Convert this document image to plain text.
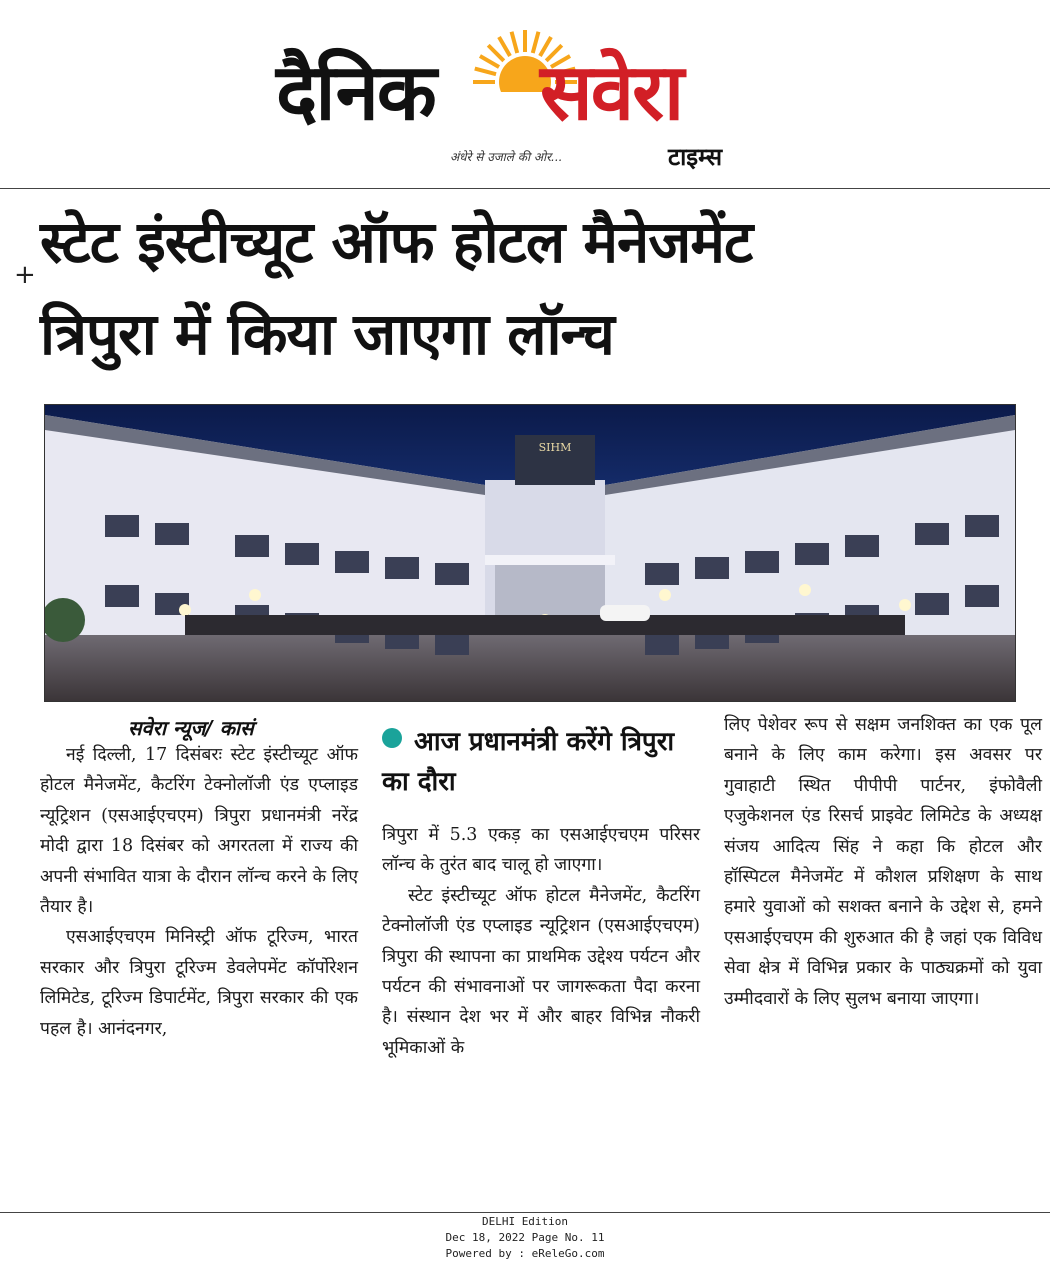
दैनिक सवेरा
अंधेरे से उजाले की ओर...	टाइम्स
+ स्टेट इंस्टीच्यूट ऑफ होटल मैनेजमेंट
त्रिपुरा में किया जाएगा लॉन्च
SIHM
सवेरा न्यूज/ कासं

नई दिल्ली, 17 दिसंबरः स्टेट इंस्टीच्यूट ऑफ होटल मैनेजमेंट, कैटरिंग टेक्नोलॉजी एंड एप्लाइड न्यूट्रिशन (एसआईएचएम) त्रिपुरा प्रधानमंत्री नरेंद्र मोदी द्वारा 18 दिसंबर को अगरतला में राज्य की अपनी संभावित यात्रा के दौरान लॉन्च करने के लिए तैयार है।

एसआईएचएम मिनिस्ट्री ऑफ टूरिज्म, भारत सरकार और त्रिपुरा टूरिज्म डेवलेपमेंट कॉर्पोरेशन लिमिटेड, टूरिज्म डिपार्टमेंट, त्रिपुरा सरकार की एक पहल है। आनंदनगर,

आज प्रधानमंत्री करेंगे त्रिपुरा का दौरा

त्रिपुरा में 5.3 एकड़ का एसआईएचएम परिसर लॉन्च के तुरंत बाद चालू हो जाएगा।

स्टेट इंस्टीच्यूट ऑफ होटल मैनेजमेंट, कैटरिंग टेक्नोलॉजी एंड एप्लाइड न्यूट्रिशन (एसआईएचएम) त्रिपुरा की स्थापना का प्राथमिक उद्देश्य पर्यटन और पर्यटन की संभावनाओं पर जागरूकता पैदा करना है। संस्थान देश भर में और बाहर विभिन्न नौकरी भूमिकाओं के

लिए पेशेवर रूप से सक्षम जनशिक्त का एक पूल बनाने के लिए काम करेगा। इस अवसर पर गुवाहाटी स्थित पीपीपी पार्टनर, इंफोवैली एजुकेशनल एंड रिसर्च प्राइवेट लिमिटेड के अध्यक्ष संजय आदित्य सिंह ने कहा कि होटल और हॉस्पिटल मैनेजमेंट में कौशल प्रशिक्षण के साथ हमारे युवाओं को सशक्त बनाने के उद्देश से, हमने एसआईएचएम की शुरुआत की है जहां एक विविध सेवा क्षेत्र में विभिन्न प्रकार के पाठ्यक्रमों को युवा उम्मीदवारों के लिए सुलभ बनाया जाएगा।

DELHI Edition
Dec 18, 2022 Page No. 11
Powered by : eReleGo.com
